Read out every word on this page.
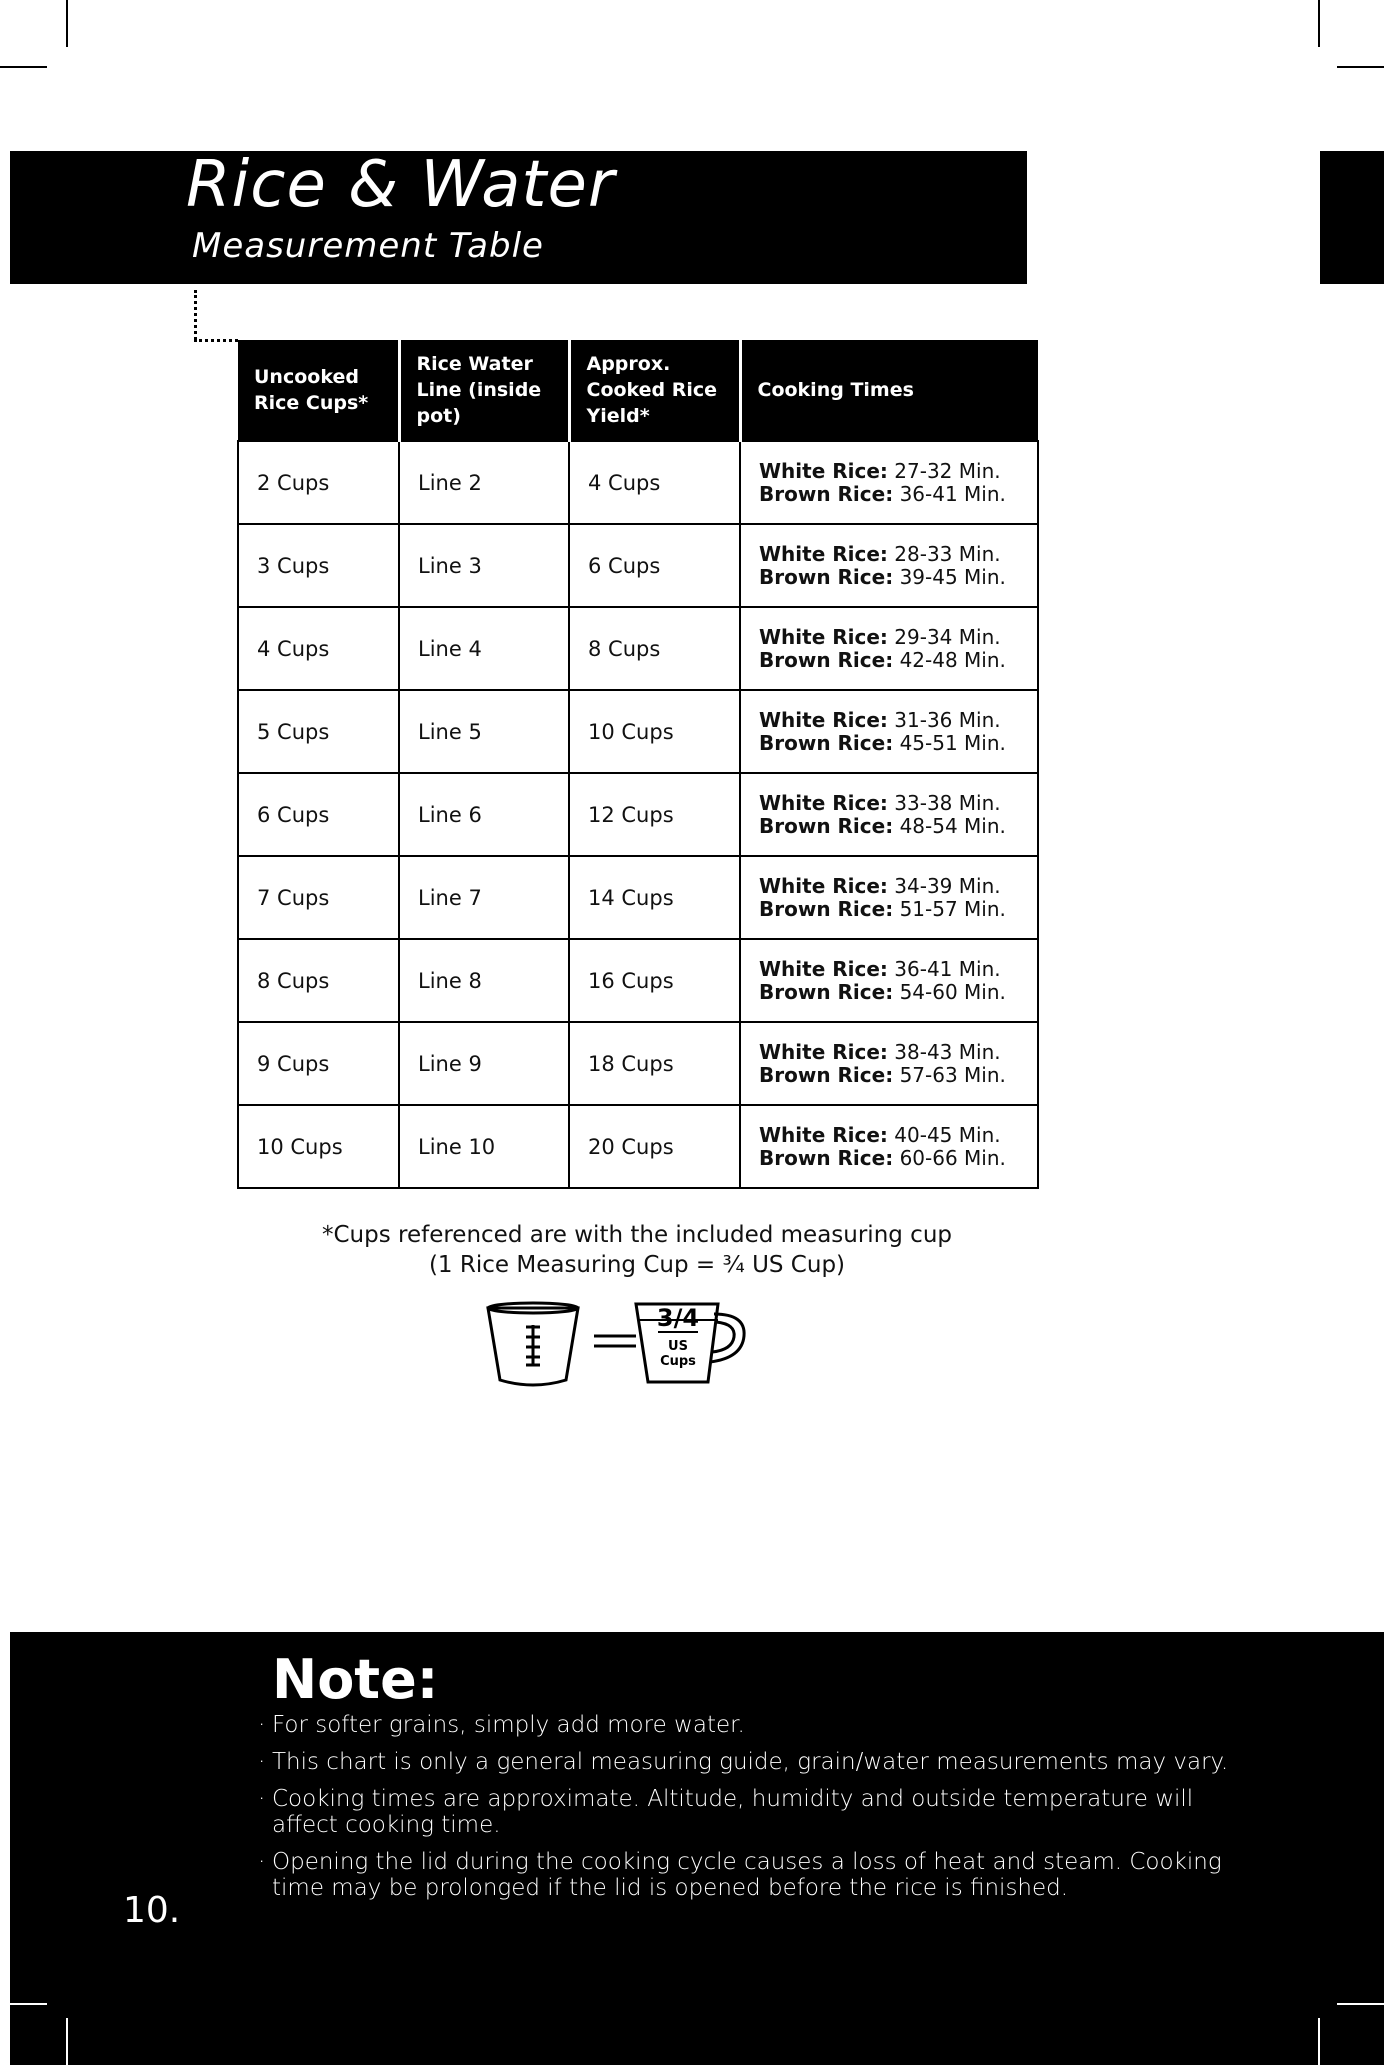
Rice & Water
Measurement Table
Uncooked Rice Cups*	Rice Water Line (inside pot)	Approx. Cooked Rice Yield*	Cooking Times
2 Cups	Line 2	4 Cups	White Rice: 27-32 Min.
Brown Rice: 36-41 Min.

3 Cups	Line 3	6 Cups	White Rice: 28-33 Min.
Brown Rice: 39-45 Min.

4 Cups	Line 4	8 Cups	White Rice: 29-34 Min.
Brown Rice: 42-48 Min.

5 Cups	Line 5	10 Cups	White Rice: 31-36 Min.
Brown Rice: 45-51 Min.

6 Cups	Line 6	12 Cups	White Rice: 33-38 Min.
Brown Rice: 48-54 Min.

7 Cups	Line 7	14 Cups	White Rice: 34-39 Min.
Brown Rice: 51-57 Min.

8 Cups	Line 8	16 Cups	White Rice: 36-41 Min.
Brown Rice: 54-60 Min.

9 Cups	Line 9	18 Cups	White Rice: 38-43 Min.
Brown Rice: 57-63 Min.

10 Cups	Line 10	20 Cups	White Rice: 40-45 Min.
Brown Rice: 60-66 Min.
*Cups referenced are with the included measuring cup
(1 Rice Measuring Cup = ¾ US Cup)
3/4
US
Cups
Note:
· For softer grains, simply add more water.
· This chart is only a general measuring guide, grain/water measurements may vary.
· Cooking times are approximate. Altitude, humidity and outside temperature will affect cooking time.
· Opening the lid during the cooking cycle causes a loss of heat and steam. Cooking time may be prolonged if the lid is opened before the rice is finished.

10.
